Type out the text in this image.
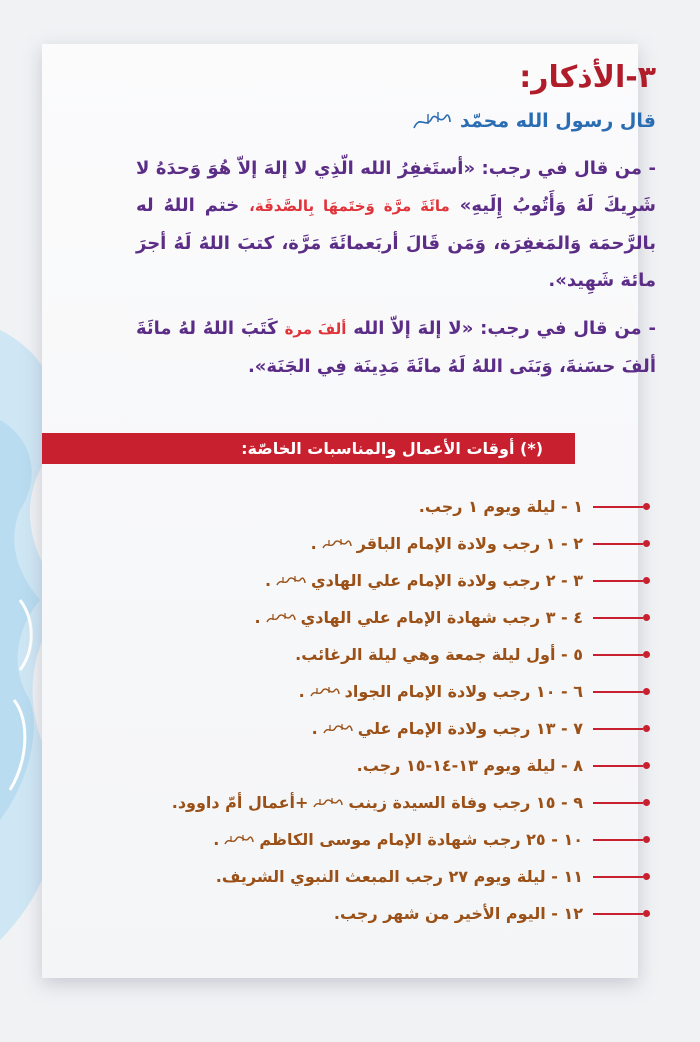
٣-الأذكار:
قال رسول الله محمّد
- من قال في رجب: «أستَغفِرُ الله الّذِي لا إلهَ إلاّ هُوَ وَحدَهُ لا شَرِيكَ لَهُ وَأَتُوبُ إِلَيهِ» مائَةَ مرَّة وَختَمهَا بِالصَّدقَة، ختم اللهُ له بالرَّحمَة وَالمَغفِرَة، وَمَن قَالَ أربَعمائَةَ مَرَّة، كتبَ اللهُ لَهُ أجرَ مائة شَهِيد».
- من قال في رجب: «لا إلهَ إلاّ الله ألفَ مرة كَتَبَ اللهُ لهُ مائَةَ ألفَ حسَنةَ، وَبَنَى اللهُ لَهُ مائَةَ مَدِينَة فِي الجَنَة».
(*) أوقات الأعمال والمناسبات الخاصّة:
١ - ليلة ويوم ١ رجب.
٢ - ١ رجب ولادة الإمام الباقر
.
٣ - ٢ رجب ولادة الإمام علي الهادي
.
٤ - ٣ رجب شهادة الإمام علي الهادي
.
٥ - أول ليلة جمعة وهي ليلة الرغائب.
٦ - ١٠ رجب ولادة الإمام الجواد
.
٧ - ١٣ رجب ولادة الإمام علي
.
٨ - ليلة ويوم ١٣-١٤-١٥ رجب.
٩ - ١٥ رجب وفاة السيدة زينب
+أعمال أمّ داوود.
١٠ - ٢٥ رجب شهادة الإمام موسى الكاظم
.
١١ - ليلة ويوم ٢٧ رجب المبعث النبوي الشريف.
١٢ - اليوم الأخير من شهر رجب.
